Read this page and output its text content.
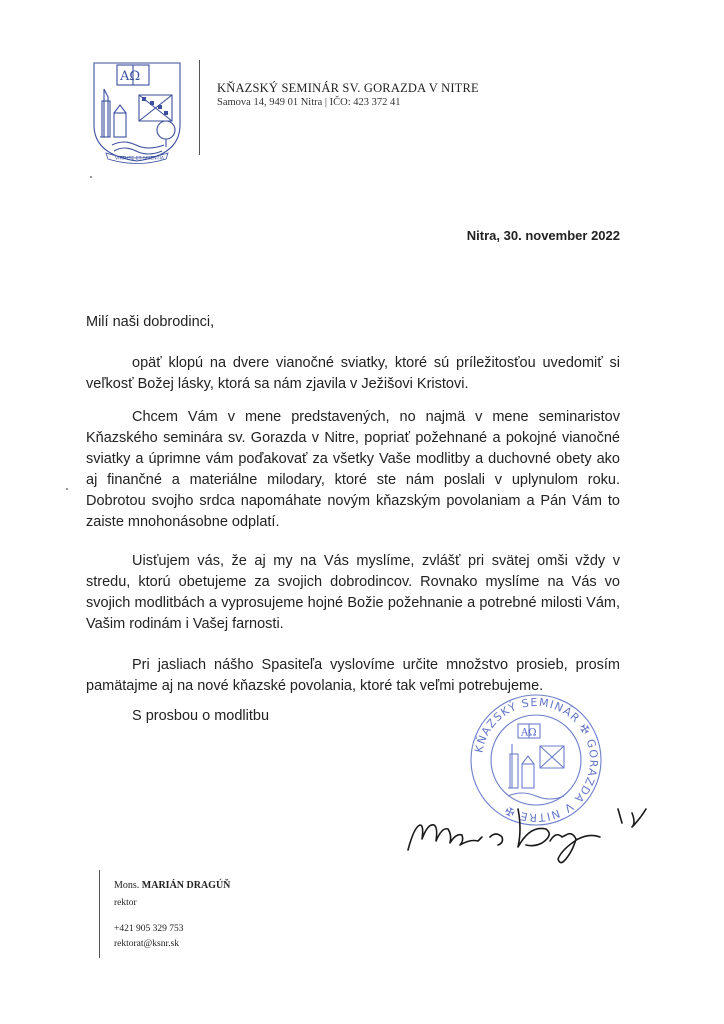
AΩ
VIRTUTE ET SCIENTIA
KŇAZSKÝ SEMINÁR SV. GORAZDA V NITRE
Samova 14, 949 01 Nitra | IČO: 423 372 41
Nitra, 30. november 2022
Milí naši dobrodinci,

opäť klopú na dvere vianočné sviatky, ktoré sú príležitosťou uvedomiť si veľkosť Božej lásky, ktorá sa nám zjavila v Ježišovi Kristovi.

Chcem Vám v mene predstavených, no najmä v mene seminaristov Kňazského seminára sv. Gorazda v Nitre, popriať požehnané a pokojné vianočné sviatky a úprimne vám poďakovať za všetky Vaše modlitby a duchovné obety ako aj finančné a materiálne milodary, ktoré ste nám poslali v uplynulom roku. Dobrotou svojho srdca napomáhate novým kňazským povolaniam a Pán Vám to zaiste mnohonásobne odplatí.

Uisťujem vás, že aj my na Vás myslíme, zvlášť pri svätej omši vždy v stredu, ktorú obetujeme za svojich dobrodincov. Rovnako myslíme na Vás vo svojich modlitbách a vyprosujeme hojné Božie požehnanie a potrebné milosti Vám, Vašim rodinám i Vašej farnosti.

Pri jasliach nášho Spasiteľa vyslovíme určite množstvo prosieb, prosím pamätajme aj na nové kňazské povolania, ktoré tak veľmi potrebujeme.

S prosbou o modlitbu
KŇAZSKÝ SEMINÁR ✠ GORAZDA V NITRE ✠
AΩ
Mons. MARIÁN DRAGÚŇ
rektor
+421 905 329 753
rektorat@ksnr.sk
